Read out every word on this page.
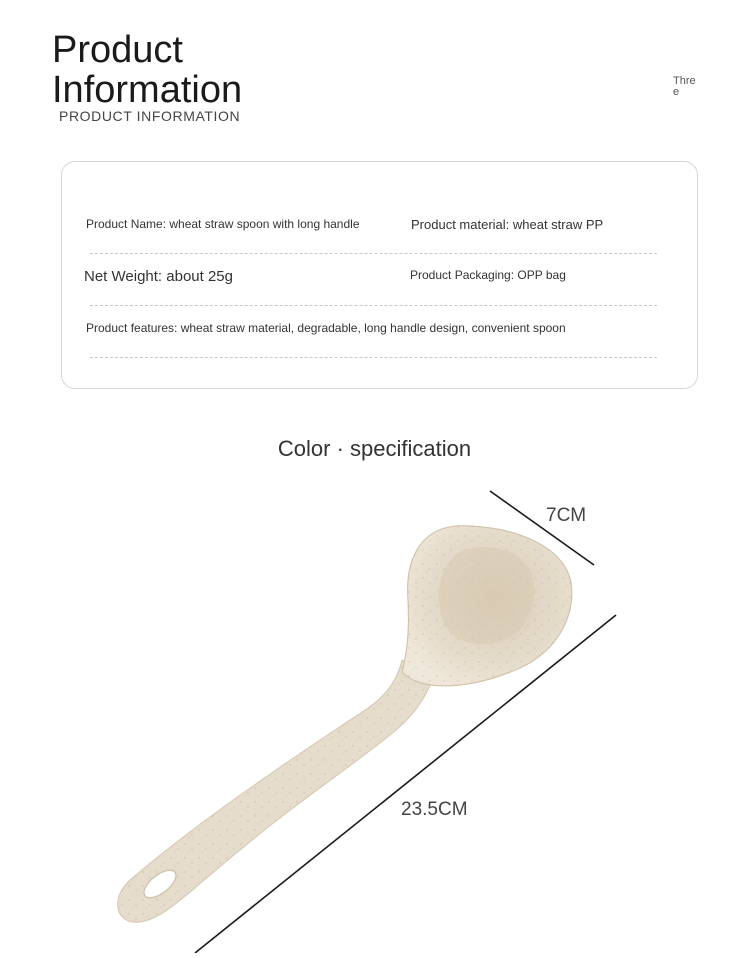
Product Information
PRODUCT INFORMATION
Three
Product Name: wheat straw spoon with long handle	Product material: wheat straw PP
Net Weight: about 25g	Product Packaging: OPP bag
Product features: wheat straw material, degradable, long handle design, convenient spoon
Color · specification
7CM
23.5CM
